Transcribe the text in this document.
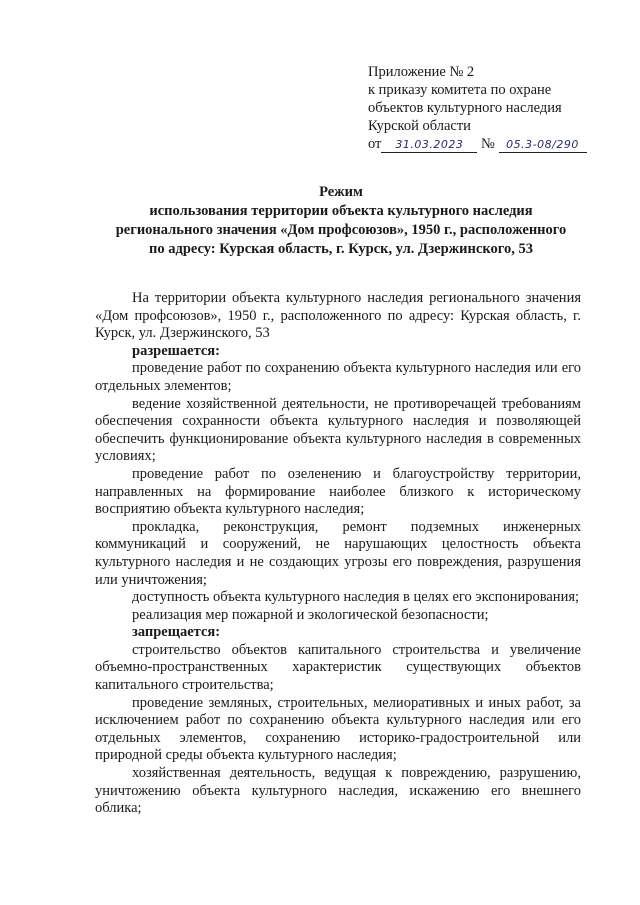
Приложение № 2
к приказу комитета по охране
объектов культурного наследия
Курской области
от 31.03.2023 № 05.3-08/290
Режим
использования территории объекта культурного наследия
регионального значения «Дом профсоюзов», 1950 г., расположенного
по адресу: Курская область, г. Курск, ул. Дзержинского, 53

На территории объекта культурного наследия регионального значения «Дом профсоюзов», 1950 г., расположенного по адресу: Курская область, г. Курск, ул. Дзержинского, 53

разрешается:

проведение работ по сохранению объекта культурного наследия или его отдельных элементов;

ведение хозяйственной деятельности, не противоречащей требованиям обеспечения сохранности объекта культурного наследия и позволяющей обеспечить функционирование объекта культурного наследия в современных условиях;

проведение работ по озеленению и благоустройству территории, направленных на формирование наиболее близкого к историческому восприятию объекта культурного наследия;

прокладка, реконструкция, ремонт подземных инженерных коммуникаций и сооружений, не нарушающих целостность объекта культурного наследия и не создающих угрозы его повреждения, разрушения или уничтожения;

доступность объекта культурного наследия в целях его экспонирования;

реализация мер пожарной и экологической безопасности;

запрещается:

строительство объектов капитального строительства и увеличение объемно-пространственных характеристик существующих объектов капитального строительства;

проведение земляных, строительных, мелиоративных и иных работ, за исключением работ по сохранению объекта культурного наследия или его отдельных элементов, сохранению историко-градостроительной или природной среды объекта культурного наследия;

хозяйственная деятельность, ведущая к повреждению, разрушению, уничтожению объекта культурного наследия, искажению его внешнего облика;
